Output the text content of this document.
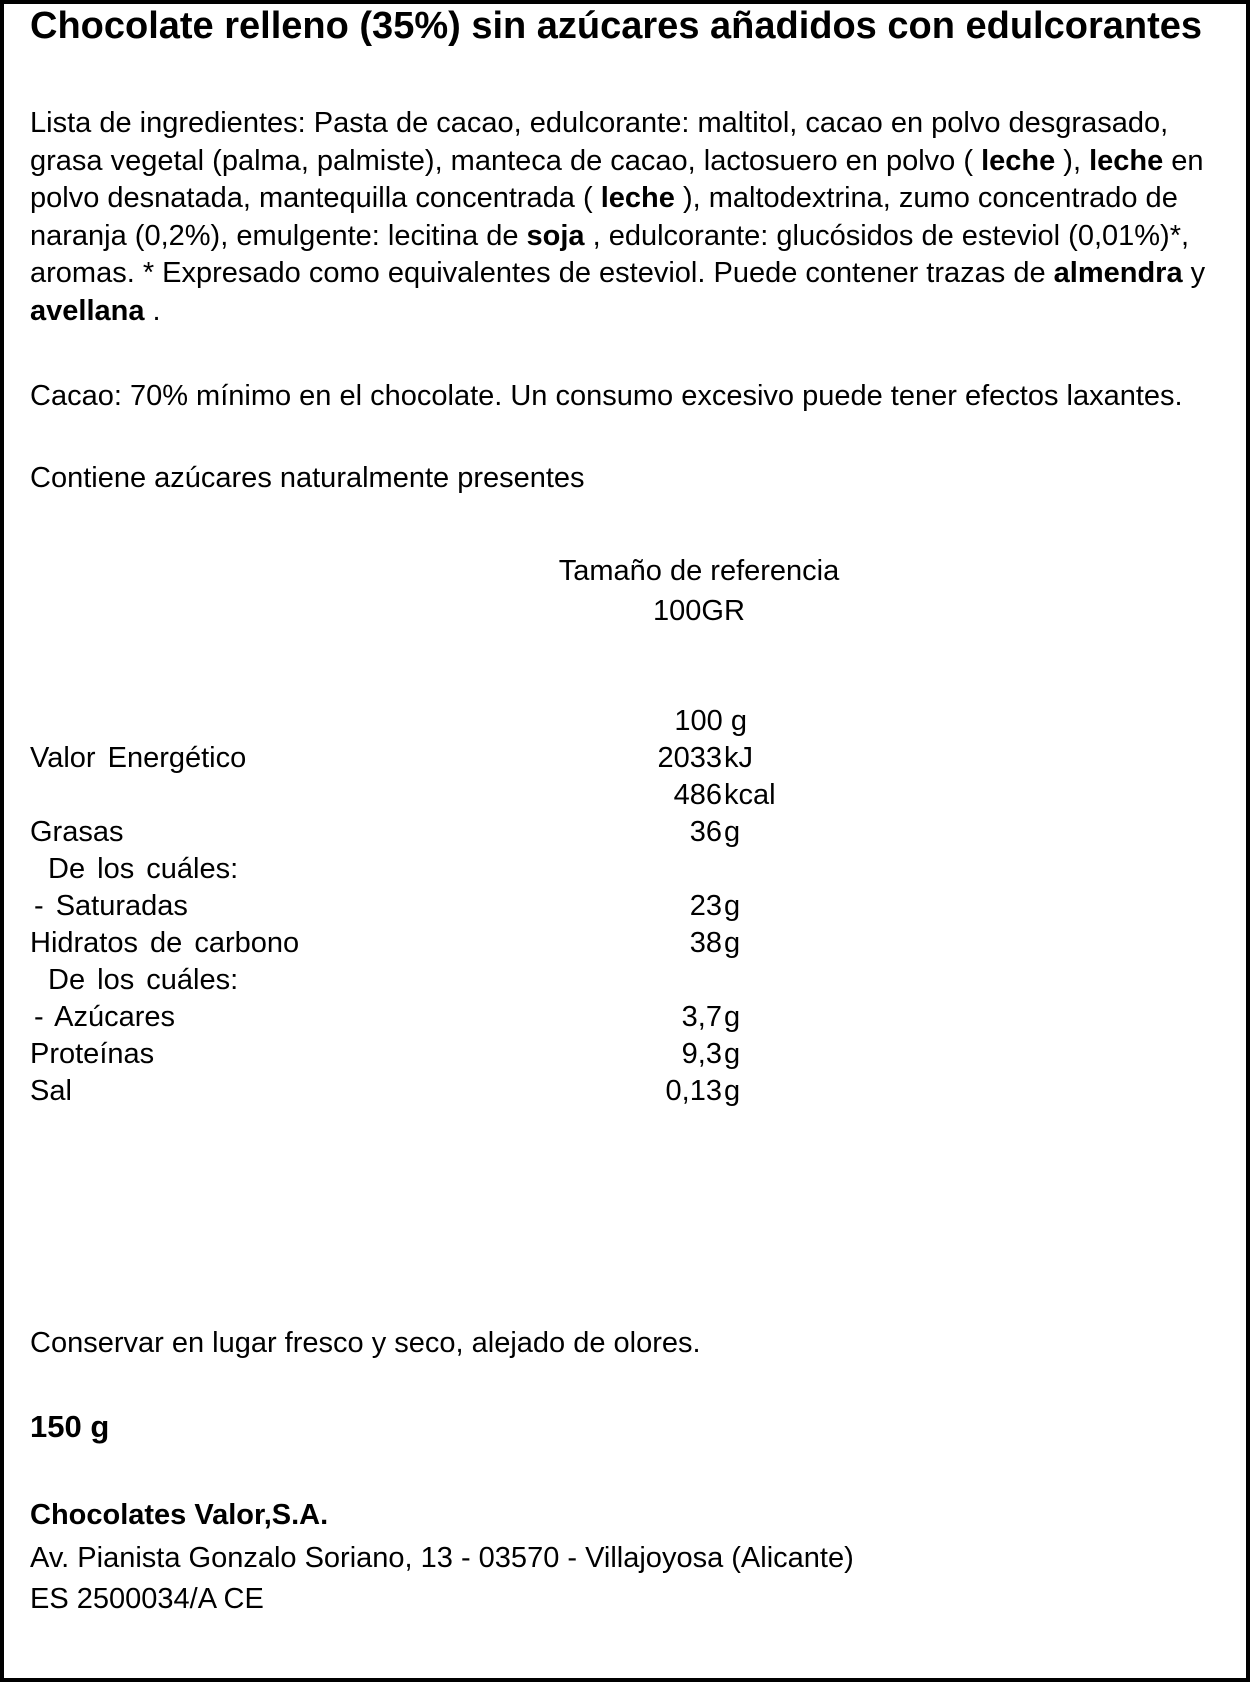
Chocolate relleno (35%) sin azúcares añadidos con edulcorantes

Lista de ingredientes: Pasta de cacao, edulcorante: maltitol, cacao en polvo desgrasado, grasa vegetal (palma, palmiste), manteca de cacao, lactosuero en polvo ( leche ), leche en polvo desnatada, mantequilla concentrada ( leche ), maltodextrina, zumo concentrado de naranja (0,2%), emulgente: lecitina de soja , edulcorante: glucósidos de esteviol (0,01%)*, aromas. * Expresado como equivalentes de esteviol. Puede contener trazas de almendra y avellana .

Cacao: 70% mínimo en el chocolate. Un consumo excesivo puede tener efectos laxantes.

Contiene azúcares naturalmente presentes

Tamaño de referencia

100GR

100 g
Valor Energético	2033 kJ
486 kcal
Grasas	36 g
De los cuáles:
- Saturadas	23 g
Hidratos de carbono	38 g
De los cuáles:
- Azúcares	3,7 g
Proteínas	9,3 g
Sal	0,13 g

Conservar en lugar fresco y seco, alejado de olores.

150 g

Chocolates Valor,S.A.

Av. Pianista Gonzalo Soriano, 13 - 03570 - Villajoyosa (Alicante)

ES 2500034/A CE
